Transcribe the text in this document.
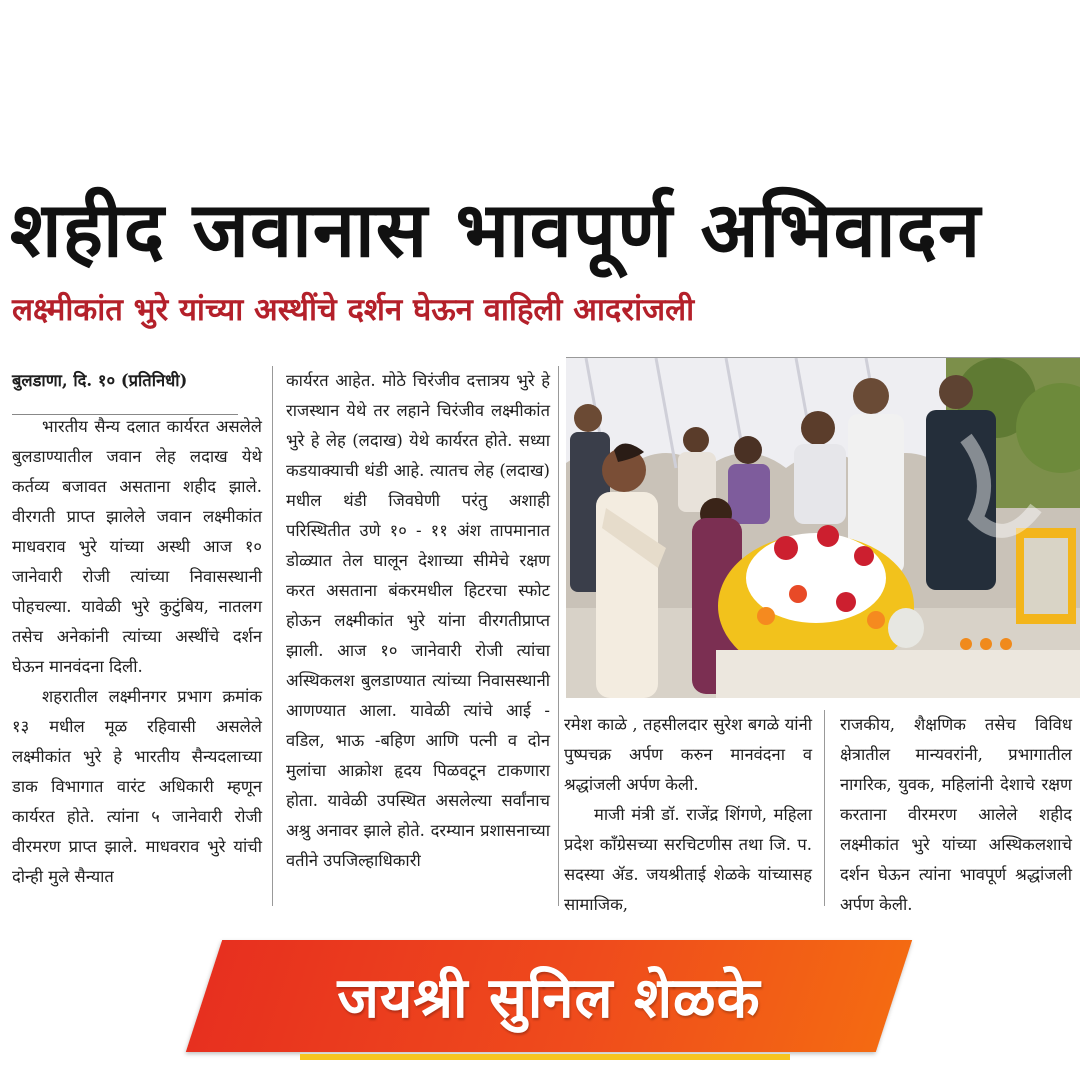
शहीद जवानास भावपूर्ण अभिवादन
लक्ष्मीकांत भुरे यांच्या अस्थींचे दर्शन घेऊन वाहिली आदरांजली

बुलडाणा, दि. १० (प्रतिनिधी)

भारतीय सैन्य दलात कार्यरत असलेले बुलडाण्यातील जवान लेह लदाख येथे कर्तव्य बजावत असताना शहीद झाले. वीरगती प्राप्त झालेले जवान लक्ष्मीकांत माधवराव भुरे यांच्या अस्थी आज १० जानेवारी रोजी त्यांच्या निवासस्थानी पोहचल्या. यावेळी भुरे कुटुंबिय, नातलग तसेच अनेकांनी त्यांच्या अस्थींचे दर्शन घेऊन मानवंदना दिली.

शहरातील लक्ष्मीनगर प्रभाग क्रमांक १३ मधील मूळ रहिवासी असलेले लक्ष्मीकांत भुरे हे भारतीय सैन्यदलाच्या डाक विभागात वारंट अधिकारी म्हणून कार्यरत होते. त्यांना ५ जानेवारी रोजी वीरमरण प्राप्त झाले. माधवराव भुरे यांची दोन्ही मुले सैन्यात

कार्यरत आहेत. मोठे चिरंजीव दत्तात्रय भुरे हे राजस्थान येथे तर लहाने चिरंजीव लक्ष्मीकांत भुरे हे लेह (लदाख) येथे कार्यरत होते. सध्या कडयाक्याची थंडी आहे. त्यातच लेह (लदाख) मधील थंडी जिवघेणी परंतु अशाही परिस्थितीत उणे १० - ११ अंश तापमानात डोळ्यात तेल घालून देशाच्या सीमेचे रक्षण करत असताना बंकरमधील हिटरचा स्फोट होऊन लक्ष्मीकांत भुरे यांना वीरगतीप्राप्त झाली. आज १० जानेवारी रोजी त्यांचा अस्थिकलश बुलडाण्यात त्यांच्या निवासस्थानी आणण्यात आला. यावेळी त्यांचे आई - वडिल, भाऊ -बहिण आणि पत्नी व दोन मुलांचा आक्रोश हृदय पिळवटून टाकणारा होता. यावेळी उपस्थित असलेल्या सर्वांनाच अश्रु अनावर झाले होते. दरम्यान प्रशासनाच्या वतीने उपजिल्हाधिकारी

रमेश काळे , तहसीलदार सुरेश बगळे यांनी पुष्पचक्र अर्पण करुन मानवंदना व श्रद्धांजली अर्पण केली.

माजी मंत्री डॉ. राजेंद्र शिंगणे, महिला प्रदेश कॉंग्रेसच्या सरचिटणीस तथा जि. प. सदस्या ॲड. जयश्रीताई शेळके यांच्यासह सामाजिक,

राजकीय, शैक्षणिक तसेच विविध क्षेत्रातील मान्यवरांनी, प्रभागातील नागरिक, युवक, महिलांनी देशाचे रक्षण करताना वीरमरण आलेले शहीद लक्ष्मीकांत भुरे यांच्या अस्थिकलशाचे दर्शन घेऊन त्यांना भावपूर्ण श्रद्धांजली अर्पण केली.

जयश्री सुनिल शेळके
